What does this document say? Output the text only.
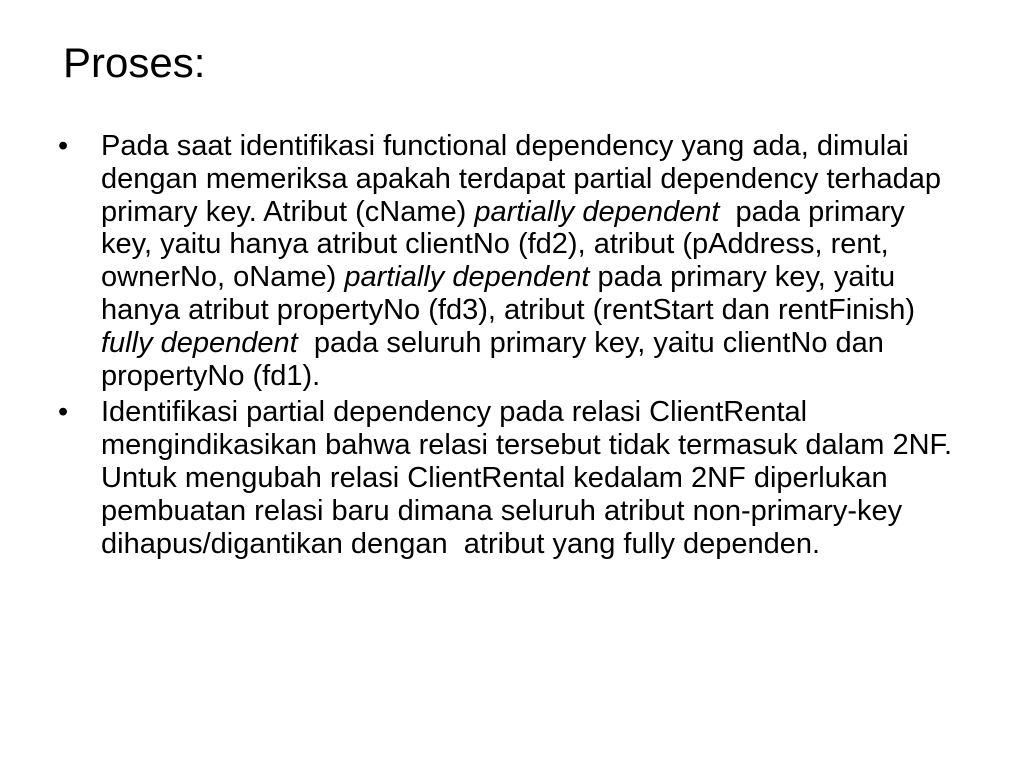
Proses:
• Pada saat identifikasi functional dependency yang ada, dimulai dengan memeriksa apakah terdapat partial dependency terhadap primary key. Atribut (cName) partially dependent  pada primary key, yaitu hanya atribut clientNo (fd2), atribut (pAddress, rent, ownerNo, oName) partially dependent pada primary key, yaitu hanya atribut propertyNo (fd3), atribut (rentStart dan rentFinish) fully dependent  pada seluruh primary key, yaitu clientNo dan propertyNo (fd1).
• Identifikasi partial dependency pada relasi ClientRental mengindikasikan bahwa relasi tersebut tidak termasuk dalam 2NF. Untuk mengubah relasi ClientRental kedalam 2NF diperlukan pembuatan relasi baru dimana seluruh atribut non-primary-key dihapus/digantikan dengan  atribut yang fully dependen.
